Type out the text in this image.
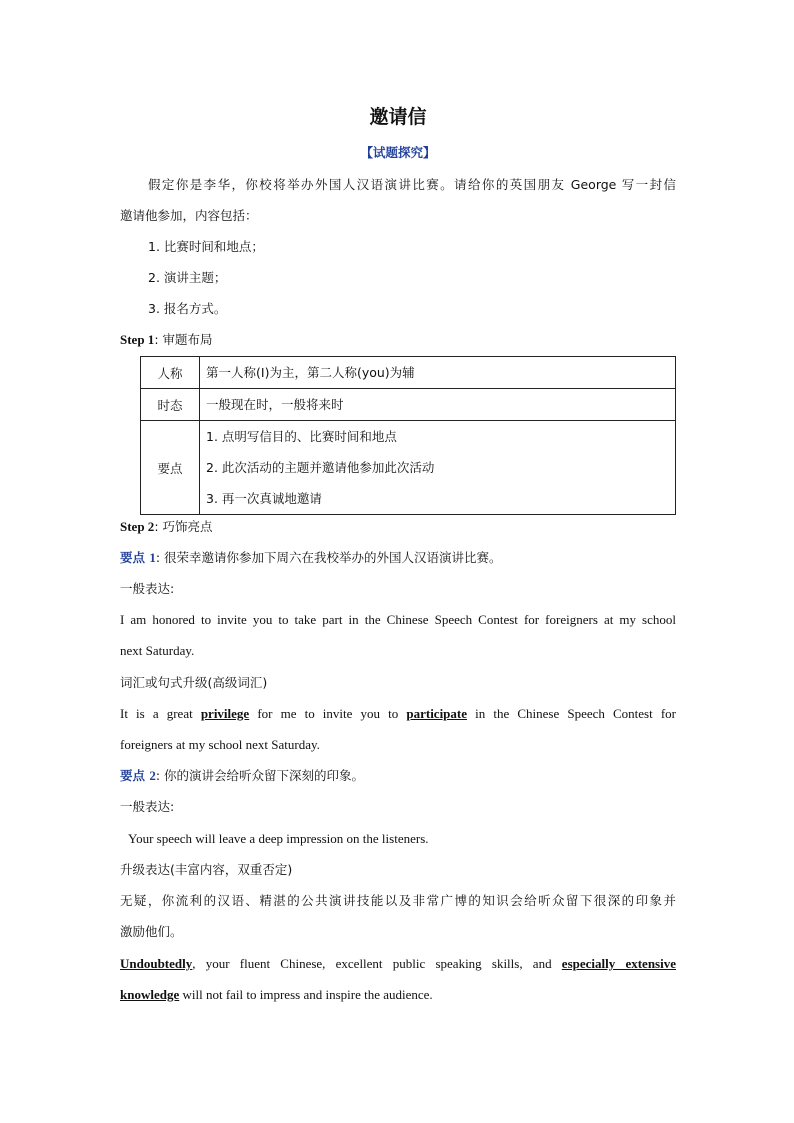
邀请信
【试题探究】
假定你是李华，你校将举办外国人汉语演讲比赛。请给你的英国朋友 George 写一封信
邀请他参加，内容包括：
1. 比赛时间和地点；
2. 演讲主题；
3. 报名方式。
Step 1: 审题布局
人称	第一人称(I)为主，第二人称(you)为辅

时态	一般现在时，一般将来时

要点	1. 点明写信目的、比赛时间和地点
2. 此次活动的主题并邀请他参加此次活动
3. 再一次真诚地邀请
Step 2: 巧饰亮点
要点 1: 很荣幸邀请你参加下周六在我校举办的外国人汉语演讲比赛。
一般表达:
I am honored to invite you to take part in the Chinese Speech Contest for foreigners at my school
next Saturday.
词汇或句式升级(高级词汇)
It is a great privilege for me to invite you to participate in the Chinese Speech Contest for
foreigners at my school next Saturday.
要点 2: 你的演讲会给听众留下深刻的印象。
一般表达:
Your speech will leave a deep impression on the listeners.
升级表达(丰富内容，双重否定)
无疑，你流利的汉语、精湛的公共演讲技能以及非常广博的知识会给听众留下很深的印象并
激励他们。
Undoubtedly, your fluent Chinese, excellent public speaking skills, and especially extensive
knowledge will not fail to impress and inspire the audience.
